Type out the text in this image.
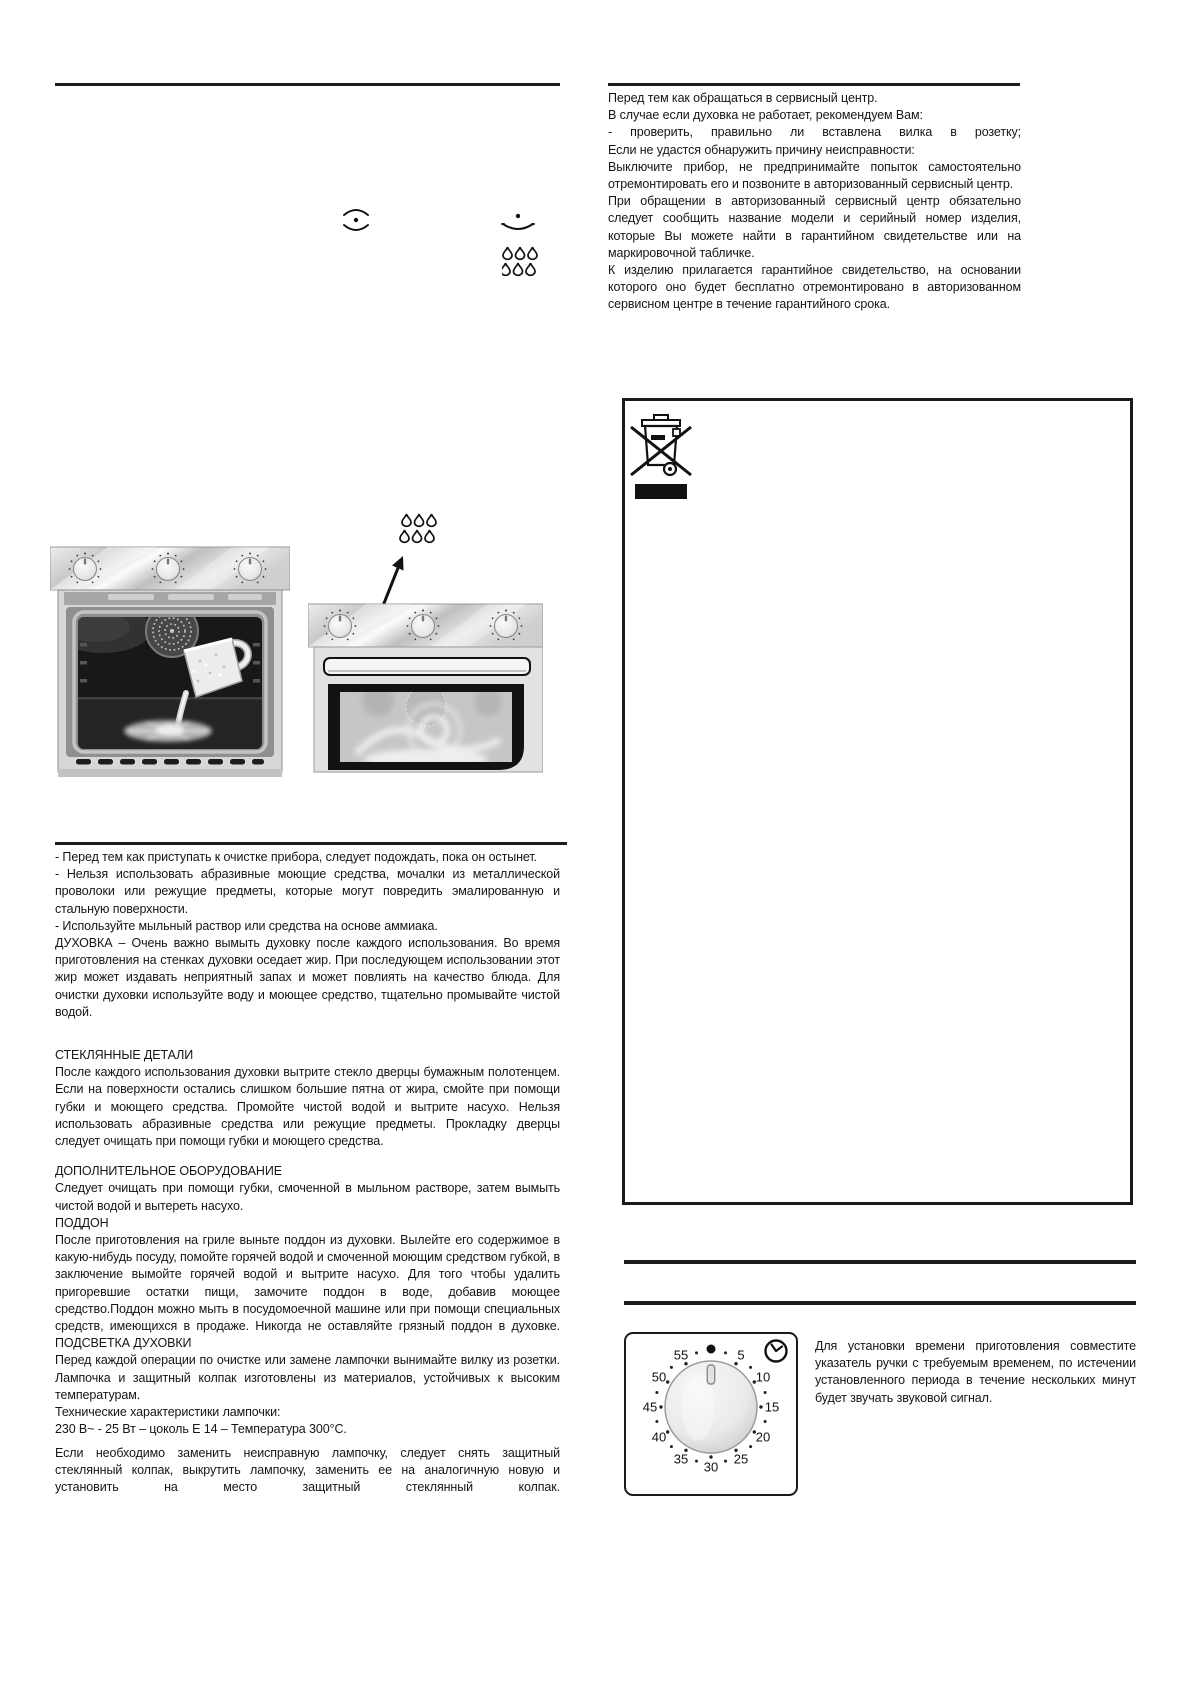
Перед тем как обращаться в сервисный центр.

В случае если духовка не работает, рекомендуем Вам:

- проверить, правильно ли вставлена вилка в розетку;

Если не удастся обнаружить причину неисправности:

Выключите прибор, не предпринимайте попыток самостоятельно отремонтировать его и позвоните в авторизованный сервисный центр.

При обращении в авторизованный сервисный центр обязательно следует сообщить название модели и серийный номер изделия, которые Вы можете найти в гарантийном свидетельстве или на маркировочной табличке.

К изделию прилагается гарантийное свидетельство, на основании которого оно будет бесплатно отремонтировано в авторизованном сервисном центре в течение гарантийного срока.

- Перед тем как приступать к очистке прибора, следует подождать, пока он остынет.

- Нельзя использовать абразивные моющие средства, мочалки из металлической проволоки или режущие предметы, которые могут повредить эмалированную и стальную поверхности.

- Используйте мыльный раствор или средства на основе аммиака.

ДУХОВКА – Очень важно вымыть духовку после каждого использования. Во время приготовления на стенках духовки оседает жир. При последующем использовании этот жир может издавать неприятный запах и может повлиять на качество блюда. Для очистки духовки используйте воду и моющее средство, тщательно промывайте чистой водой.

СТЕКЛЯННЫЕ ДЕТАЛИ

После каждого использования духовки вытрите стекло дверцы бумажным полотенцем. Если на поверхности остались слишком большие пятна от жира, смойте при помощи губки и моющего средства. Промойте чистой водой и вытрите насухо. Нельзя использовать абразивные средства или режущие предметы. Прокладку дверцы следует очищать при помощи губки и моющего средства.

ДОПОЛНИТЕЛЬНОЕ ОБОРУДОВАНИЕ

Следует очищать при помощи губки, смоченной в мыльном растворе, затем вымыть чистой водой и вытереть насухо.

ПОДДОН

После приготовления на гриле выньте поддон из духовки. Вылейте его содержимое в какую-нибудь посуду, помойте горячей водой и смоченной моющим средством губкой, в заключение вымойте горячей водой и вытрите насухо. Для того чтобы удалить пригоревшие остатки пищи, замочите поддон в воде, добавив моющее средство.Поддон можно мыть в посудомоечной машине или при помощи специальных средств, имеющихся в продаже. Никогда не оставляйте грязный поддон в духовке.

ПОДСВЕТКА ДУХОВКИ

Перед каждой операции по очистке или замене лампочки вынимайте вилку из розетки. Лампочка и защитный колпак изготовлены из материалов, устойчивых к высоким температурам.

Технические характеристики лампочки:

230 В~ - 25 Вт – цоколь Е 14 – Температура 300°С.

Если необходимо заменить неисправную лампочку, следует снять защитный стеклянный колпак, выкрутить лампочку, заменить ее на аналогичную новую и установить на место защитный стеклянный колпак.

5
10
15
20
25
30
35
40
45
50
55

Для установки времени приготовления совместите указатель ручки с требуемым временем, по истечении установленного периода в течение нескольких минут будет звучать звуковой сигнал.
